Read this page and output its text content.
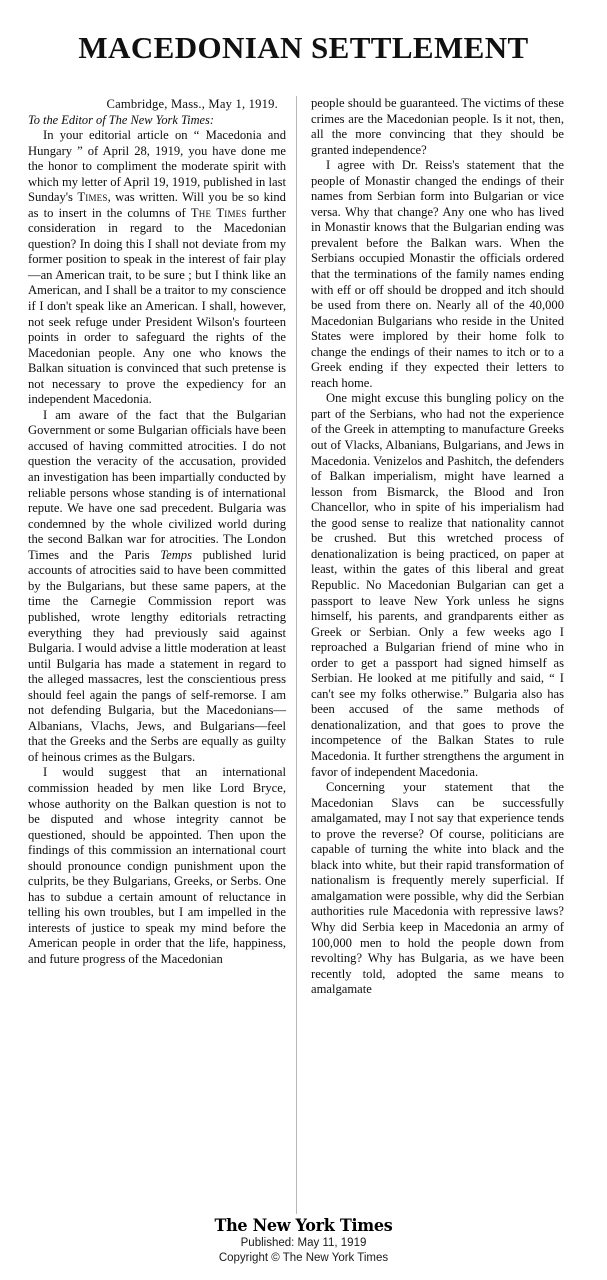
MACEDONIAN SETTLEMENT
Cambridge, Mass., May 1, 1919.
To the Editor of The New York Times:

In your editorial article on “ Macedonia and Hungary ” of April 28, 1919, you have done me the honor to compliment the moderate spirit with which my letter of April 19, 1919, published in last Sunday's Times, was written. Will you be so kind as to insert in the columns of The Times further consideration in regard to the Macedonian question? In doing this I shall not deviate from my former position to speak in the interest of fair play—an American trait, to be sure ; but I think like an American, and I shall be a traitor to my conscience if I don't speak like an American. I shall, however, not seek refuge under President Wilson's fourteen points in order to safeguard the rights of the Macedonian people. Any one who knows the Balkan situation is convinced that such pretense is not necessary to prove the expediency for an independent Macedonia.

I am aware of the fact that the Bulgarian Government or some Bulgarian officials have been accused of having committed atrocities. I do not question the veracity of the accusation, provided an investigation has been impartially conducted by reliable persons whose standing is of international repute. We have one sad precedent. Bulgaria was condemned by the whole civilized world during the second Balkan war for atrocities. The London Times and the Paris Temps published lurid accounts of atrocities said to have been committed by the Bulgarians, but these same papers, at the time the Carnegie Commission report was published, wrote lengthy editorials retracting everything they had previously said against Bulgaria. I would advise a little moderation at least until Bulgaria has made a statement in regard to the alleged massacres, lest the conscientious press should feel again the pangs of self-remorse. I am not defending Bulgaria, but the Macedonians—Albanians, Vlachs, Jews, and Bulgarians—feel that the Greeks and the Serbs are equally as guilty of heinous crimes as the Bulgars.

I would suggest that an international commission headed by men like Lord Bryce, whose authority on the Balkan question is not to be disputed and whose integrity cannot be questioned, should be appointed. Then upon the findings of this commission an international court should pronounce condign punishment upon the culprits, be they Bulgarians, Greeks, or Serbs. One has to subdue a certain amount of reluctance in telling his own troubles, but I am impelled in the interests of justice to speak my mind before the American people in order that the life, happiness, and future progress of the Macedonian

people should be guaranteed. The victims of these crimes are the Macedonian people. Is it not, then, all the more convincing that they should be granted independence?

I agree with Dr. Reiss's statement that the people of Monastir changed the endings of their names from Serbian form into Bulgarian or vice versa. Why that change? Any one who has lived in Monastir knows that the Bulgarian ending was prevalent before the Balkan wars. When the Serbians occupied Monastir the officials ordered that the terminations of the family names ending with eff or off should be dropped and itch should be used from there on. Nearly all of the 40,000 Macedonian Bulgarians who reside in the United States were implored by their home folk to change the endings of their names to itch or to a Greek ending if they expected their letters to reach home.

One might excuse this bungling policy on the part of the Serbians, who had not the experience of the Greek in attempting to manufacture Greeks out of Vlacks, Albanians, Bulgarians, and Jews in Macedonia. Venizelos and Pashitch, the defenders of Balkan imperialism, might have learned a lesson from Bismarck, the Blood and Iron Chancellor, who in spite of his imperialism had the good sense to realize that nationality cannot be crushed. But this wretched process of denationalization is being practiced, on paper at least, within the gates of this liberal and great Republic. No Macedonian Bulgarian can get a passport to leave New York unless he signs himself, his parents, and grandparents either as Greek or Serbian. Only a few weeks ago I reproached a Bulgarian friend of mine who in order to get a passport had signed himself as Serbian. He looked at me pitifully and said, “ I can't see my folks otherwise.” Bulgaria also has been accused of the same methods of denationalization, and that goes to prove the incompetence of the Balkan States to rule Macedonia. It further strengthens the argument in favor of independent Macedonia.

Concerning your statement that the Macedonian Slavs can be successfully amalgamated, may I not say that experience tends to prove the reverse? Of course, politicians are capable of turning the white into black and the black into white, but their rapid transformation of nationalism is frequently merely superficial. If amalgamation were possible, why did the Serbian authorities rule Macedonia with repressive laws? Why did Serbia keep in Macedonia an army of 100,000 men to hold the people down from revolting? Why has Bulgaria, as we have been recently told, adopted the same means to amalgamate

The New York Times
Published: May 11, 1919
Copyright © The New York Times
